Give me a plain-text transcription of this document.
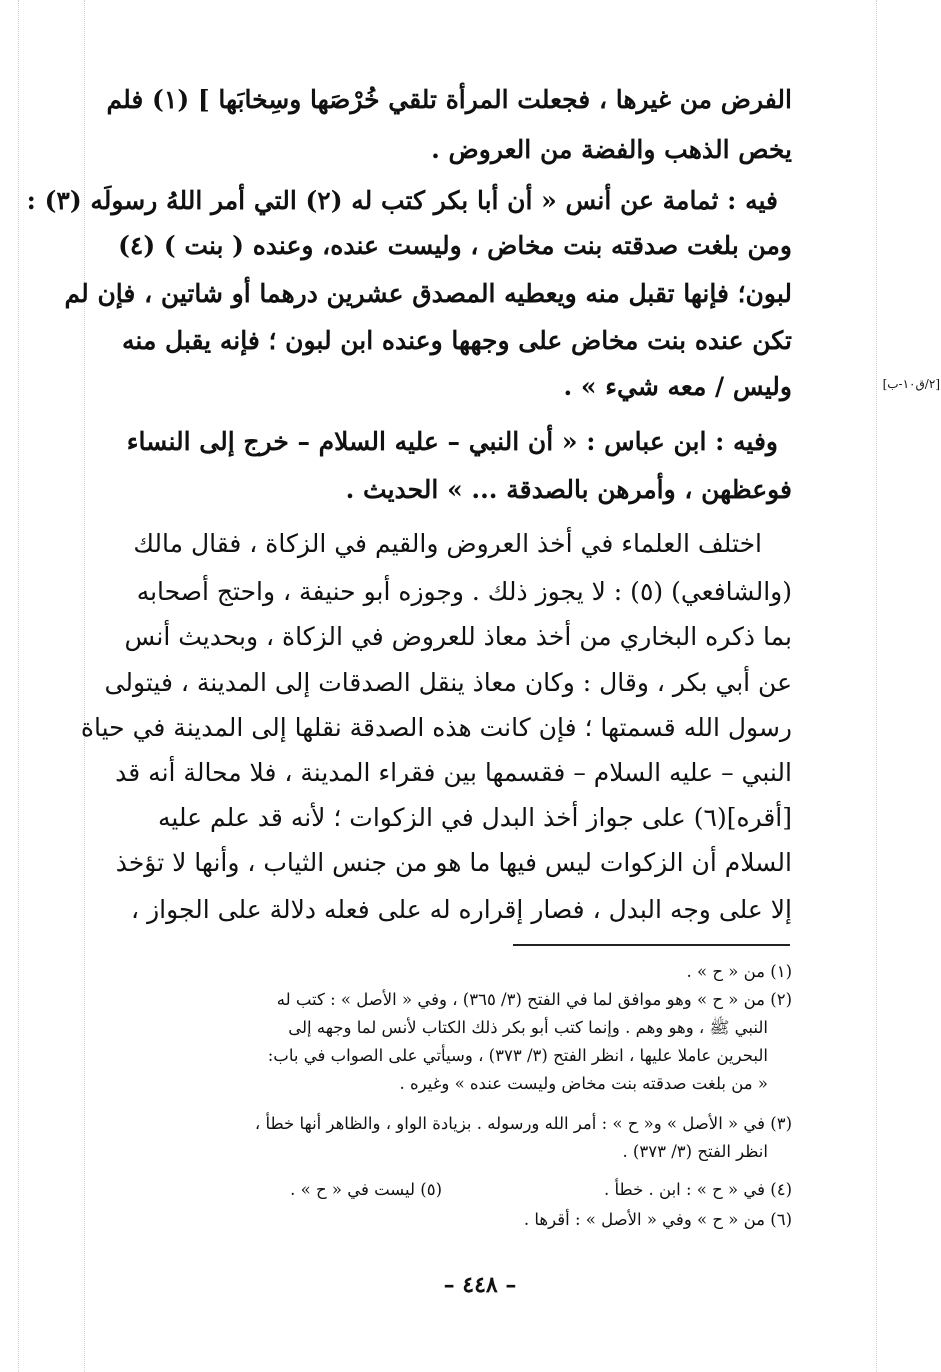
الفرض من غيرها ، فجعلت المرأة تلقي خُرْصَها وسِخابَها ] (١) فلم
يخص الذهب والفضة من العروض .
فيه : ثمامة عن أنس « أن أبا بكر كتب له (٢) التي أمر اللهُ رسولَه (٣) :
ومن بلغت صدقته بنت مخاض ، وليست عنده، وعنده ( بنت ) (٤)
لبون؛ فإنها تقبل منه ويعطيه المصدق عشرين درهما أو شاتين ، فإن لم
تكن عنده بنت مخاض على وجهها وعنده ابن لبون ؛ فإنه يقبل منه
وليس / معه شيء » .	[٢/ق١٠-ب]
وفيه : ابن عباس : « أن النبي – عليه السلام – خرج إلى النساء
فوعظهن ، وأمرهن بالصدقة ... » الحديث .
اختلف العلماء في أخذ العروض والقيم في الزكاة ، فقال مالك
(والشافعي) (٥) : لا يجوز ذلك . وجوزه أبو حنيفة ، واحتج أصحابه
بما ذكره البخاري من أخذ معاذ للعروض في الزكاة ، وبحديث أنس
عن أبي بكر ، وقال : وكان معاذ ينقل الصدقات إلى المدينة ، فيتولى
رسول الله قسمتها ؛ فإن كانت هذه الصدقة نقلها إلى المدينة في حياة
النبي – عليه السلام – فقسمها بين فقراء المدينة ، فلا محالة أنه قد
[أقره](٦) على جواز أخذ البدل في الزكوات ؛ لأنه قد علم عليه
السلام أن الزكوات ليس فيها ما هو من جنس الثياب ، وأنها لا تؤخذ
إلا على وجه البدل ، فصار إقراره له على فعله دلالة على الجواز ،
(١) من « ح » .
(٢) من « ح » وهو موافق لما في الفتح (٣/ ٣٦٥) ، وفي « الأصل » : كتب له
النبي ﷺ ، وهو وهم . وإنما كتب أبو بكر ذلك الكتاب لأنس لما وجهه إلى
البحرين عاملا عليها ، انظر الفتح (٣/ ٣٧٣) ، وسيأتي على الصواب في باب:
« من بلغت صدقته بنت مخاض وليست عنده » وغيره .
(٣) في « الأصل » و« ح » : أمر الله ورسوله . بزيادة الواو ، والظاهر أنها خطأ ،
انظر الفتح (٣/ ٣٧٣) .
(٤) في « ح » : ابن . خطأ .
(٥) ليست في « ح » .
(٦) من « ح » وفي « الأصل » : أقرها .
– ٤٤٨ –
